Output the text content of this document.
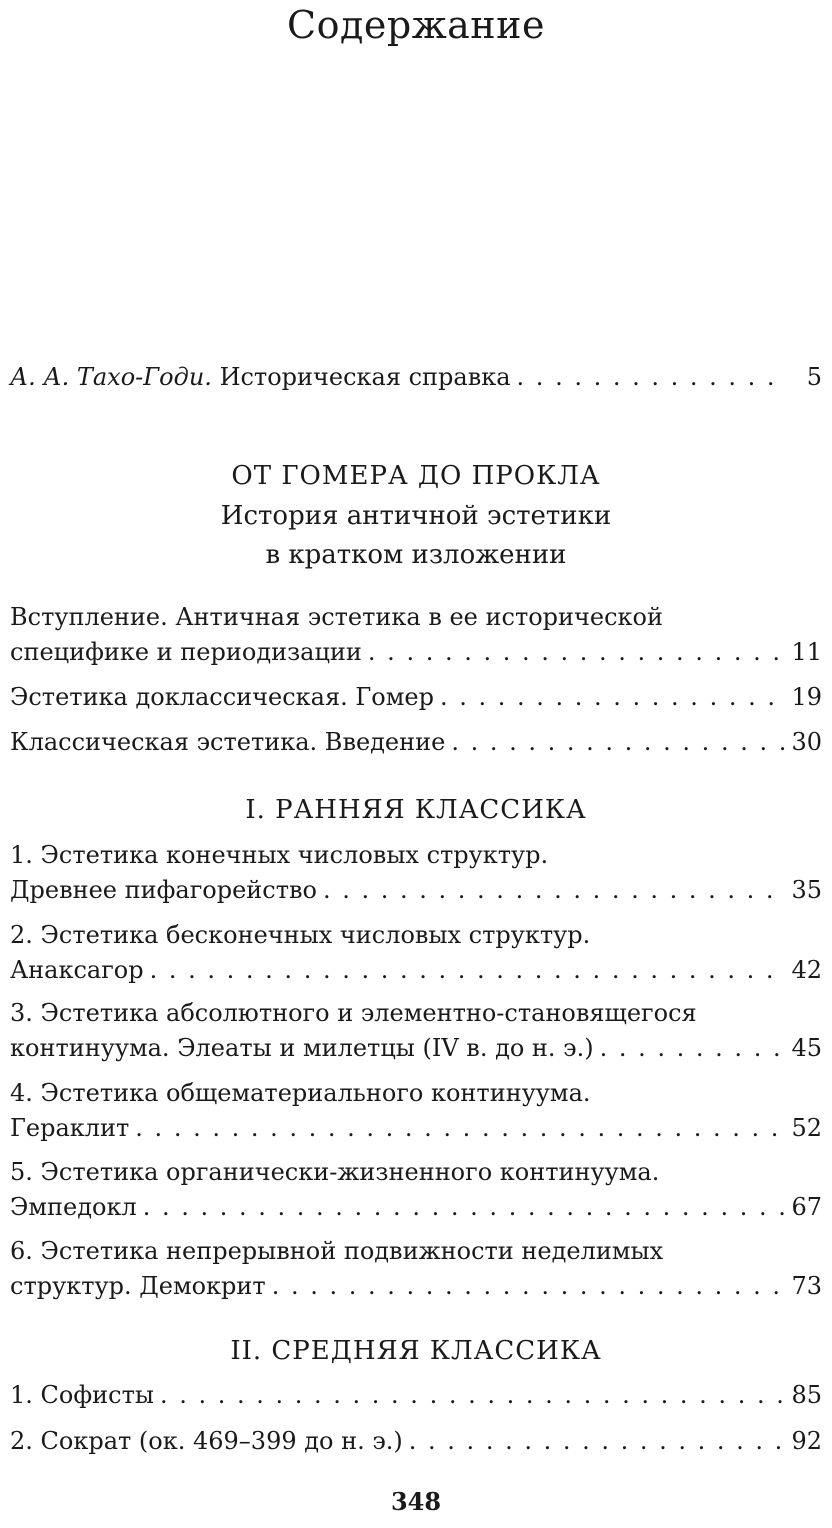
Содержание
А. А. Тахо-Годи. Историческая справка . . .	5
ОТ ГОМЕРА ДО ПРОКЛА
История античной эстетики
в кратком изложении
Вступление. Античная эстетика в ее исторической
специфике и периодизации . . .	11
Эстетика доклассическая. Гомер . . .	19
Классическая эстетика. Введение . . .	30
I. РАННЯЯ КЛАССИКА
1. Эстетика конечных числовых структур.
Древнее пифагорейство . . .	35
2. Эстетика бесконечных числовых структур.
Анаксагор . . .	42
3. Эстетика абсолютного и элементно-становящегося
континуума. Элеаты и милетцы (IV в. до н. э.) . . .	45
4. Эстетика общематериального континуума.
Гераклит . . .	52
5. Эстетика органически-жизненного континуума.
Эмпедокл . . .	67
6. Эстетика непрерывной подвижности неделимых
структур. Демокрит . . .	73
II. СРЕДНЯЯ КЛАССИКА
1. Софисты . . .	85
2. Сократ (ок. 469–399 до н. э.) . . .	92
348
